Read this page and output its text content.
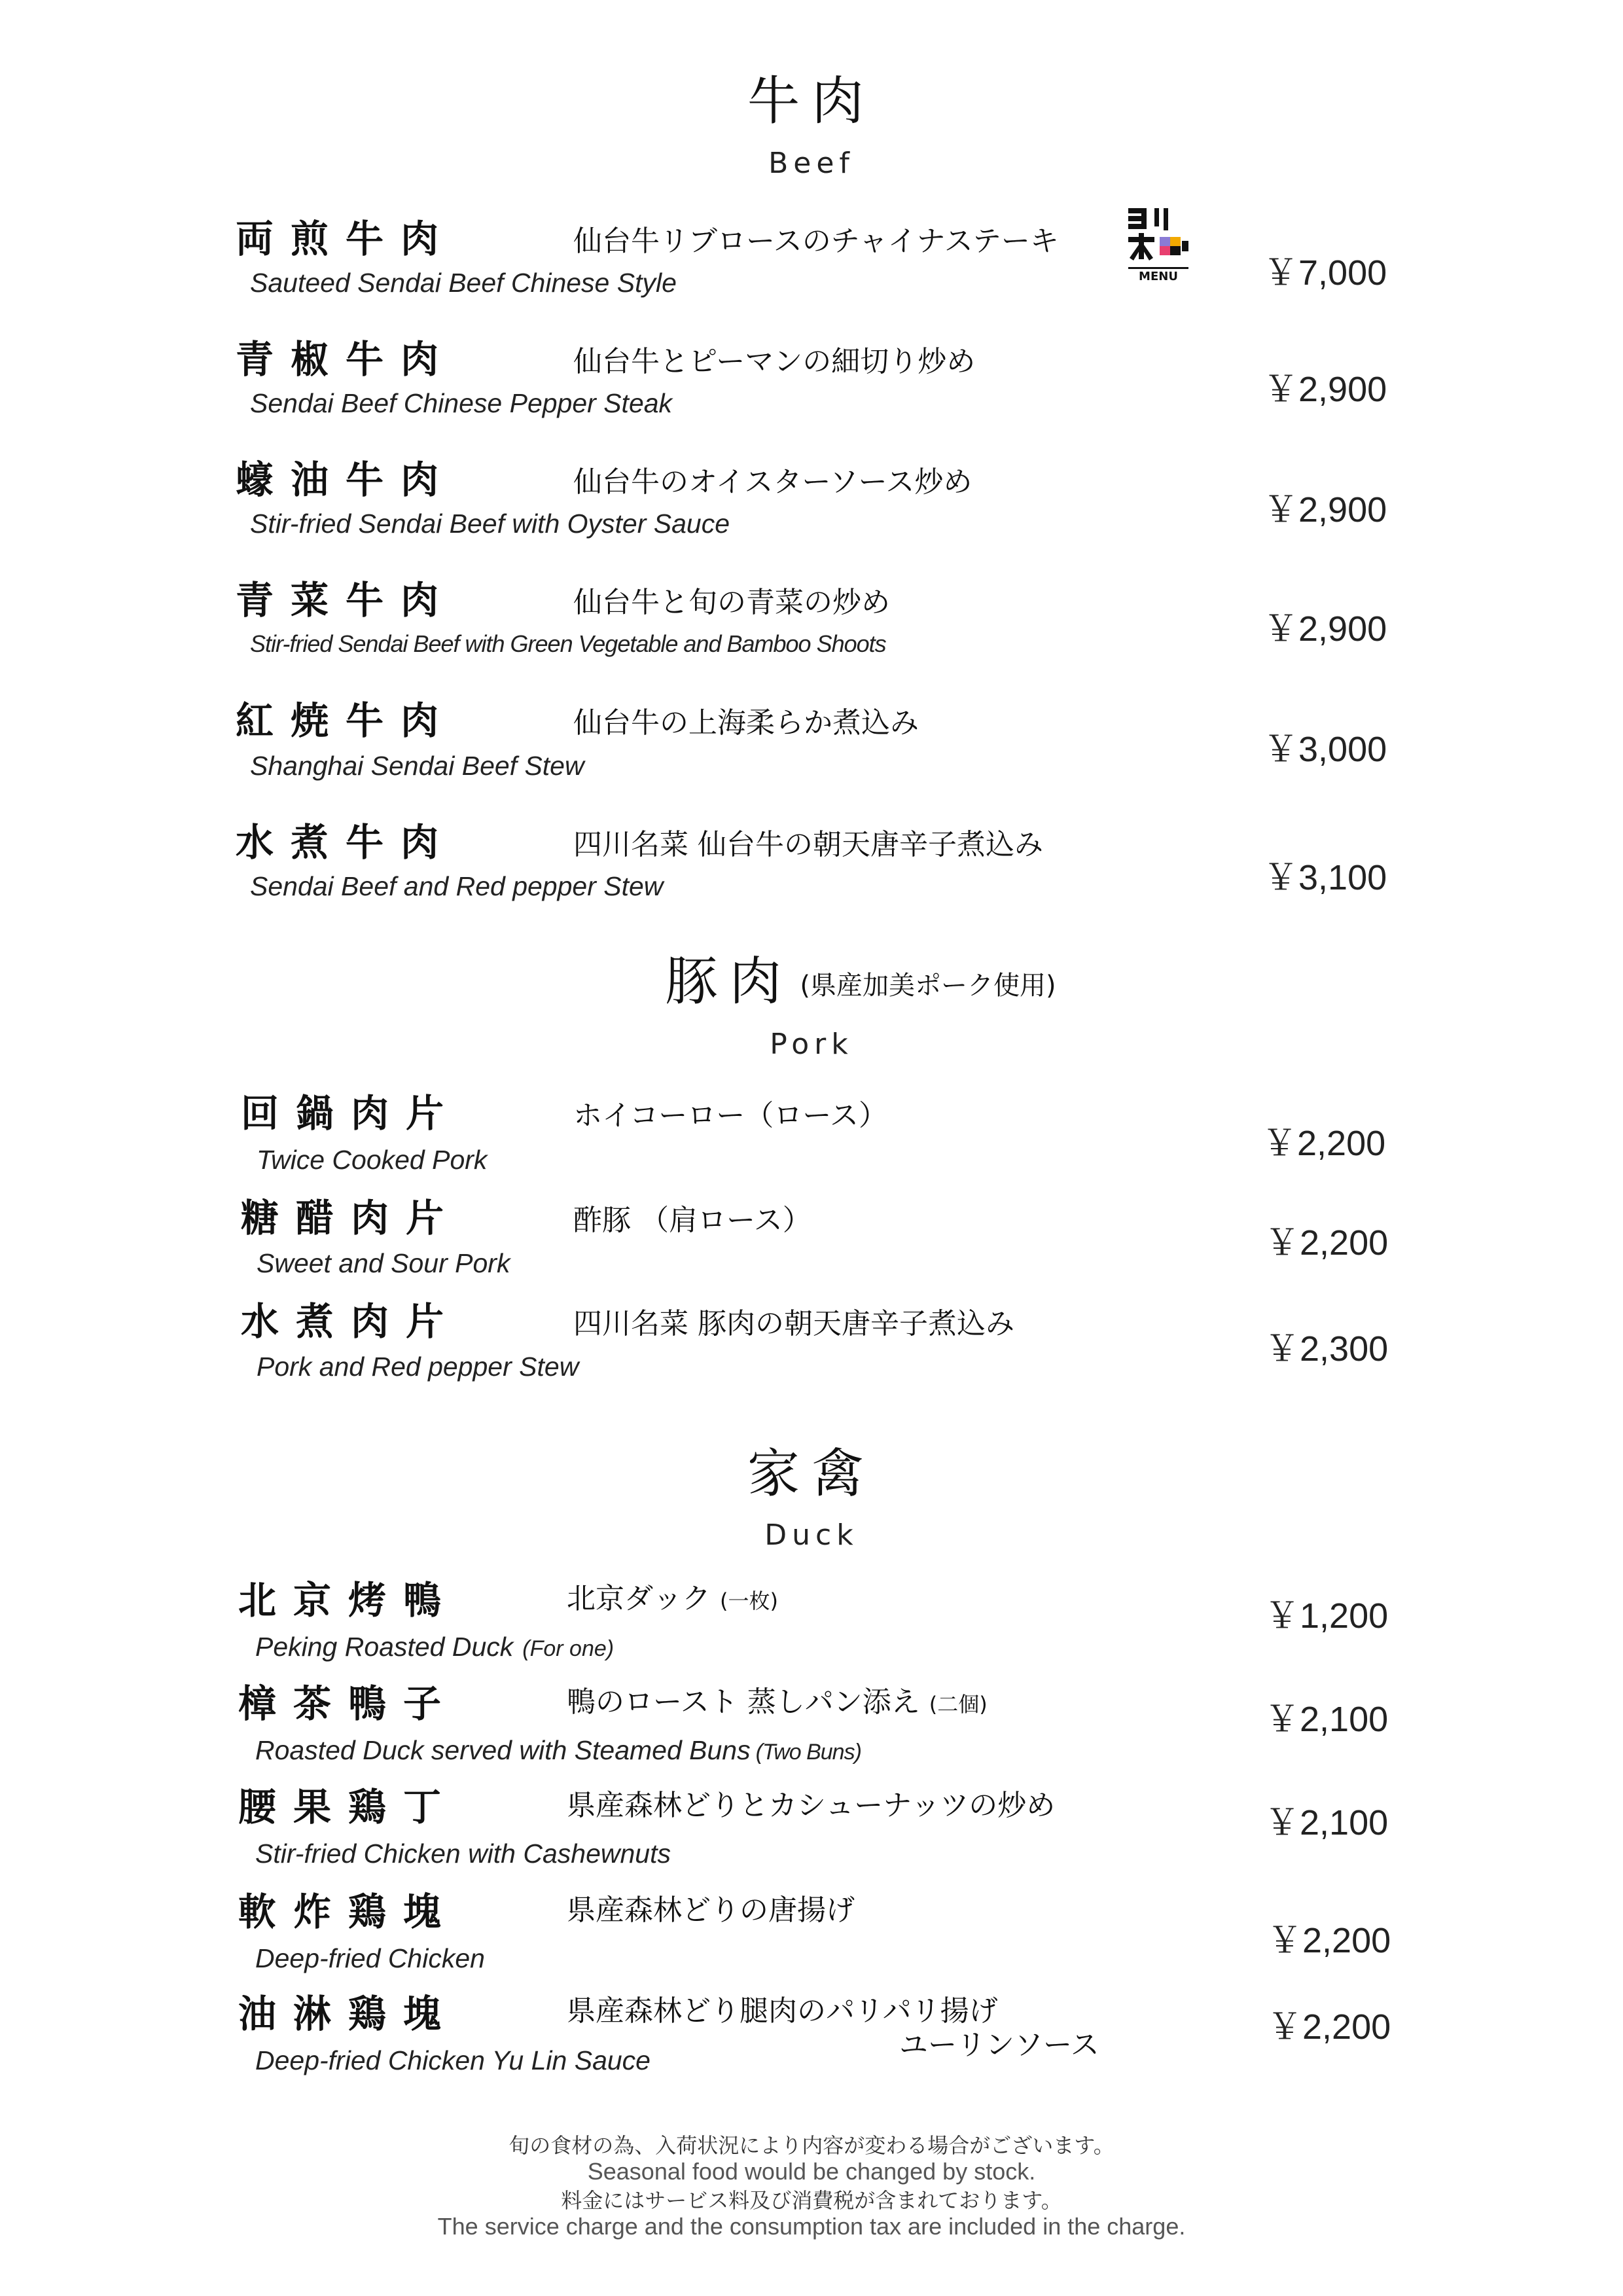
牛肉
Beef
両煎牛肉	仙台牛リブロースのチャイナステーキ
Sauteed Sendai Beef Chinese Style	￥7,000
MENU
青椒牛肉	仙台牛とピーマンの細切り炒め
Sendai Beef Chinese Pepper Steak	￥2,900
蠔油牛肉	仙台牛のオイスターソース炒め
Stir-fried Sendai Beef with Oyster Sauce	￥2,900
青菜牛肉	仙台牛と旬の青菜の炒め
Stir-fried Sendai Beef with Green Vegetable and Bamboo Shoots	￥2,900
紅焼牛肉	仙台牛の上海柔らか煮込み
Shanghai Sendai Beef Stew	￥3,000
水煮牛肉	四川名菜 仙台牛の朝天唐辛子煮込み
Sendai Beef and Red pepper Stew	￥3,100
豚肉 (県産加美ポーク使用)
Pork
回鍋肉片	ホイコーロー（ロース）
Twice Cooked Pork	￥2,200
糖醋肉片	酢豚 （肩ロース）
Sweet and Sour Pork
￥2,200
水煮肉片	四川名菜 豚肉の朝天唐辛子煮込み
Pork and Red pepper Stew	￥2,300
家禽
Duck
北京烤鴨	北京ダック (一枚)
Peking Roasted Duck (For one)
￥1,200
樟茶鴨子	鴨のロースト 蒸しパン添え (二個)
Roasted Duck served with Steamed Buns (Two Buns)
￥2,100
腰果鶏丁	県産森林どりとカシューナッツの炒め
Stir-fried Chicken with Cashewnuts
￥2,100
軟炸鶏塊	県産森林どりの唐揚げ
Deep-fried Chicken	￥2,200
油淋鶏塊	県産森林どり腿肉のパリパリ揚げ
ユーリンソース
Deep-fried Chicken Yu Lin Sauce
￥2,200
旬の食材の為、入荷状況により内容が変わる場合がございます。
Seasonal food would be changed by stock.
料金にはサービス料及び消費税が含まれております。
The service charge and the consumption tax are included in the charge.
